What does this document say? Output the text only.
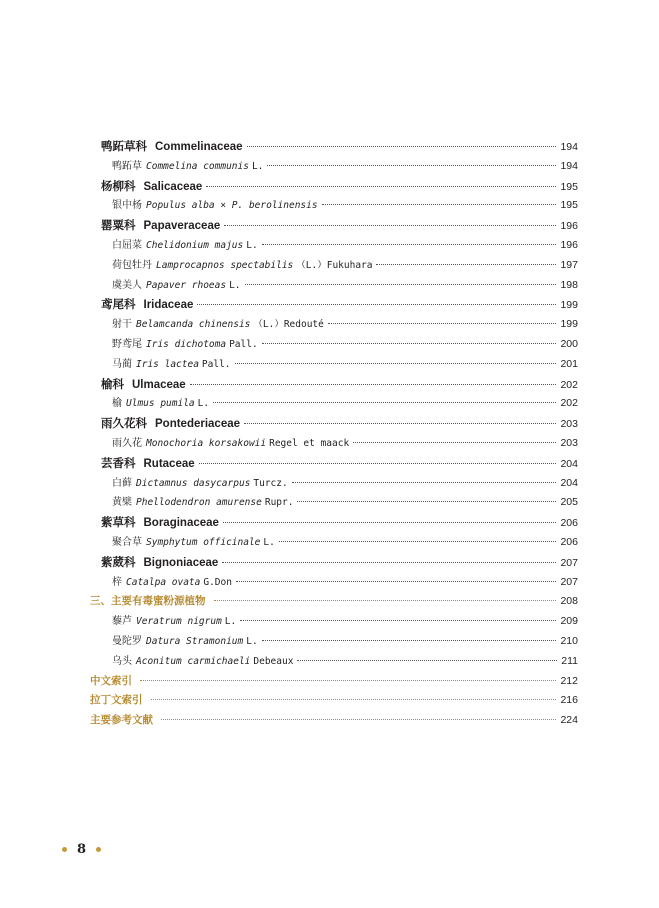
鸭跖草科 Commelinaceae	194
鸭跖草 Commelina communis L.	194
杨柳科 Salicaceae	195
银中杨 Populus alba × P. berolinensis	195
罂粟科 Papaveraceae	196
白屈菜 Chelidonium majus L.	196
荷包牡丹 Lamprocapnos spectabilis （L.）Fukuhara	197
虞美人 Papaver rhoeas L.	198
鸢尾科 Iridaceae	199
射干 Belamcanda chinensis （L.）Redouté	199
野鸢尾 Iris dichotoma Pall.	200
马蔺 Iris lactea Pall.	201
榆科 Ulmaceae	202
榆 Ulmus pumila L.	202
雨久花科 Pontederiaceae	203
雨久花 Monochoria korsakowii Regel et maack	203
芸香科 Rutaceae	204
白藓 Dictamnus dasycarpus Turcz.	204
黄檗 Phellodendron amurense Rupr.	205
紫草科 Boraginaceae	206
聚合草 Symphytum officinale L.	206
紫葳科 Bignoniaceae	207
梓 Catalpa ovata G.Don	207
三、主要有毒蜜粉源植物	208
藜芦 Veratrum nigrum L.	209
曼陀罗 Datura Stramonium L.	210
乌头 Aconitum carmichaeli Debeaux	211
中文索引	212
拉丁文索引	216
主要参考文献	224
8
